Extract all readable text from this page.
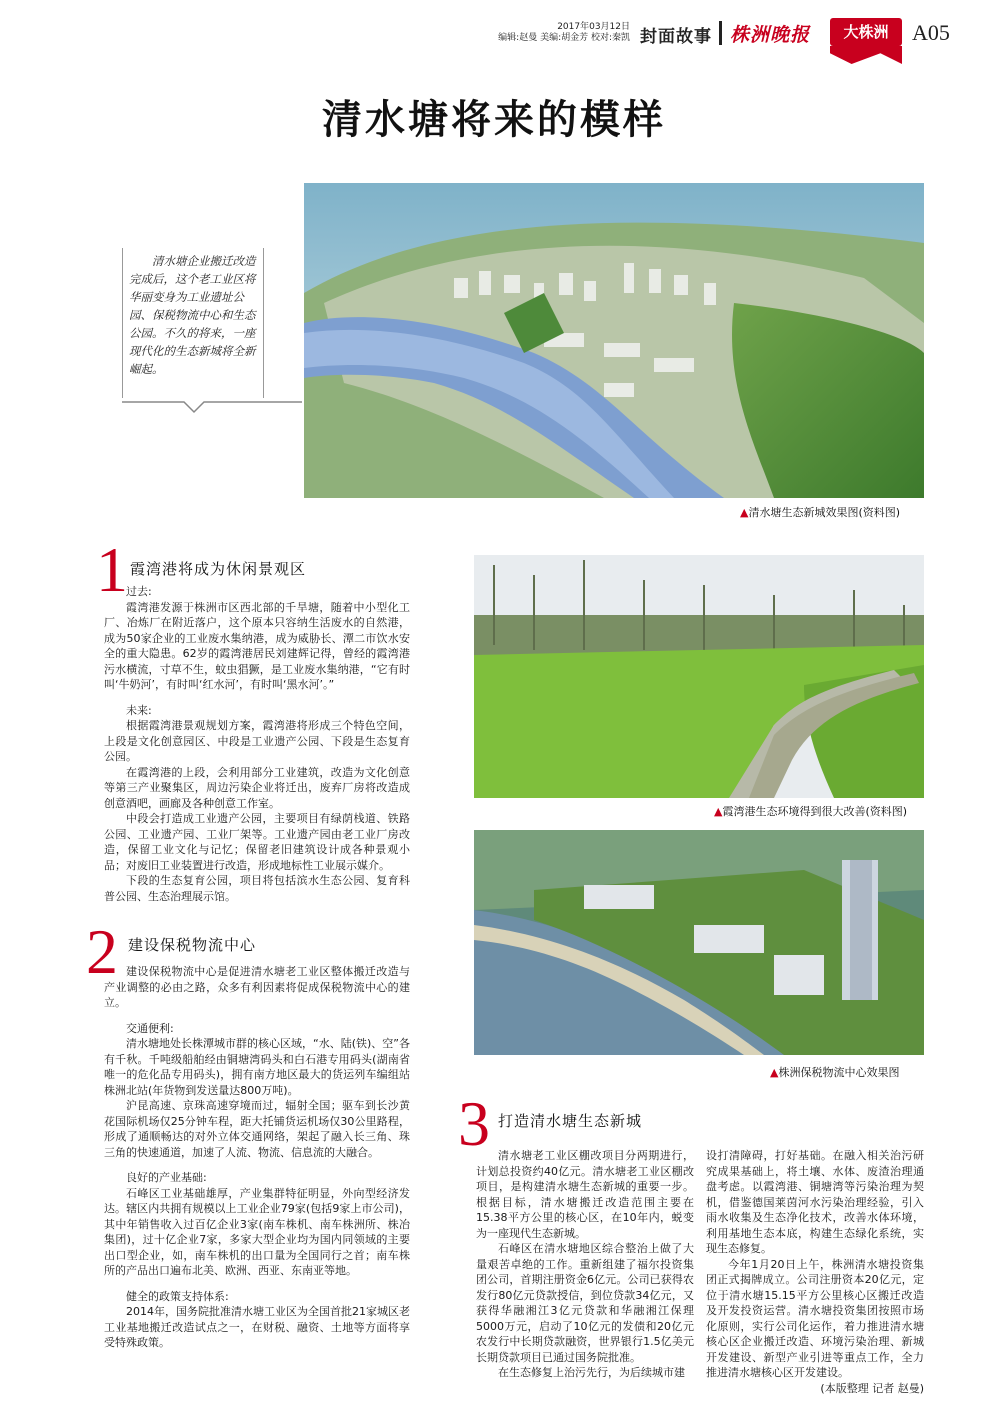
2017年03月12日
编辑:赵曼 美编:胡金芳 校对:秦凯 封面故事 株洲晚报	大株洲	A05
清水塘将来的模样
清水塘企业搬迁改造完成后，这个老工业区将华丽变身为工业遗址公园、保税物流中心和生态公园。不久的将来，一座现代化的生态新城将全新崛起。
▲清水塘生态新城效果图(资料图)
▲霞湾港生态环境得到很大改善(资料图)
▲株洲保税物流中心效果图
1 霞湾港将成为休闲景观区

过去:

霞湾港发源于株洲市区西北部的千旱塘，随着中小型化工厂、冶炼厂在附近落户，这个原本只容纳生活废水的自然港，成为50家企业的工业废水集纳港，成为威胁长、潭二市饮水安全的重大隐患。62岁的霞湾港居民刘建辉记得，曾经的霞湾港污水横流，寸草不生，蚊虫猖獗，是工业废水集纳港，“它有时叫‘牛奶河’，有时叫‘红水河’，有时叫‘黑水河’。”

未来:

根据霞湾港景观规划方案，霞湾港将形成三个特色空间，上段是文化创意园区、中段是工业遗产公园、下段是生态复育公园。

在霞湾港的上段，会利用部分工业建筑，改造为文化创意等第三产业聚集区，周边污染企业将迁出，废弃厂房将改造成创意酒吧，画廊及各种创意工作室。

中段会打造成工业遗产公园，主要项目有绿荫栈道、铁路公园、工业遗产园、工业厂架等。工业遗产园由老工业厂房改造，保留工业文化与记忆；保留老旧建筑设计成各种景观小品；对废旧工业装置进行改造，形成地标性工业展示媒介。

下段的生态复育公园，项目将包括滨水生态公园、复育科普公园、生态治理展示馆。

2 建设保税物流中心

建设保税物流中心是促进清水塘老工业区整体搬迁改造与产业调整的必由之路，众多有利因素将促成保税物流中心的建立。

交通便利:

清水塘地处长株潭城市群的核心区域，“水、陆(铁)、空”各有千秋。千吨级船舶经由铜塘湾码头和白石港专用码头(湖南省唯一的危化品专用码头)，拥有南方地区最大的货运列车编组站株洲北站(年货物到发送量达800万吨)。

沪昆高速、京珠高速穿境而过，辐射全国；驱车到长沙黄花国际机场仅25分钟车程，距大托铺货运机场仅30公里路程，形成了通顺畅达的对外立体交通网络，架起了融入长三角、珠三角的快速通道，加速了人流、物流、信息流的大融合。

良好的产业基础:

石峰区工业基础雄厚，产业集群特征明显，外向型经济发达。辖区内共拥有规模以上工业企业79家(包括9家上市公司)，其中年销售收入过百亿企业3家(南车株机、南车株洲所、株冶集团)，过十亿企业7家，多家大型企业均为国内同领域的主要出口型企业，如，南车株机的出口量为全国同行之首；南车株所的产品出口遍布北美、欧洲、西亚、东南亚等地。

健全的政策支持体系:

2014年，国务院批准清水塘工业区为全国首批21家城区老工业基地搬迁改造试点之一，在财税、融资、土地等方面将享受特殊政策。

3 打造清水塘生态新城

清水塘老工业区棚改项目分两期进行，计划总投资约40亿元。清水塘老工业区棚改项目，是构建清水塘生态新城的重要一步。根据目标，清水塘搬迁改造范围主要在15.38平方公里的核心区，在10年内，蜕变为一座现代生态新城。

石峰区在清水塘地区综合整治上做了大量艰苦卓绝的工作。重新组建了福尔投资集团公司，首期注册资金6亿元。公司已获得农发行80亿元贷款授信，到位贷款34亿元，又获得华融湘江3亿元贷款和华融湘江保理5000万元，启动了10亿元的发债和20亿元农发行中长期贷款融资，世界银行1.5亿美元长期贷款项目已通过国务院批准。

在生态修复上治污先行，为后续城市建

设打清障碍，打好基础。在融入相关治污研究成果基础上，将土壤、水体、废渣治理通盘考虑。以霞湾港、铜塘湾等污染治理为契机，借鉴德国莱茵河水污染治理经验，引入雨水收集及生态净化技术，改善水体环境，利用基地生态本底，构建生态绿化系统，实现生态修复。

今年1月20日上午，株洲清水塘投资集团正式揭牌成立。公司注册资本20亿元，定位于清水塘15.15平方公里核心区搬迁改造及开发投资运营。清水塘投资集团按照市场化原则，实行公司化运作，着力推进清水塘核心区企业搬迁改造、环境污染治理、新城开发建设、新型产业引进等重点工作，全力推进清水塘核心区开发建设。

(本版整理 记者 赵曼)
